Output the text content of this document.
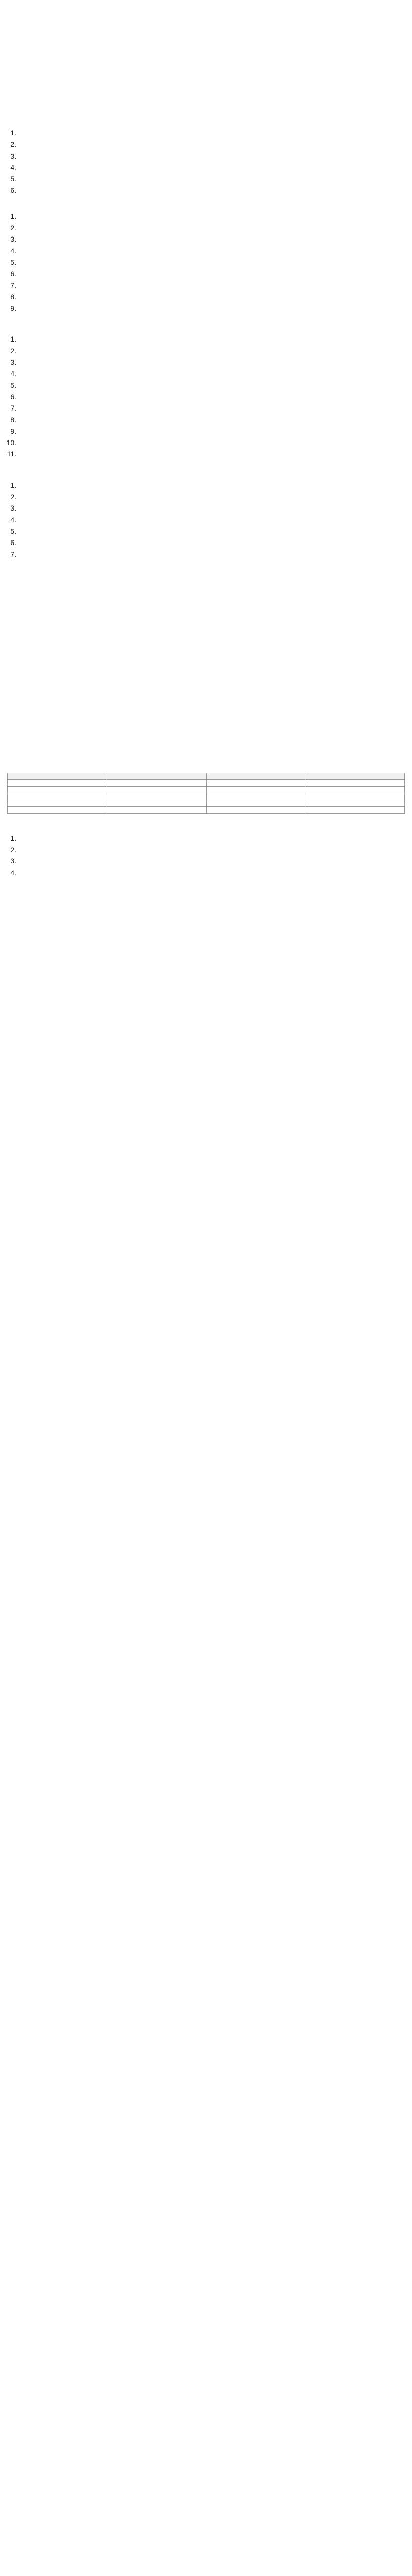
1.
2.
3.
4.
5.
6.

1.
2.
3.
4.
5.
6.
7.
8.
9.

1.
2.
3.
4.
5.
6.
7.
8.
9.
10.
11.

1.
2.
3.
4.
5.
6.
7.

1.
2.
3.
4.
